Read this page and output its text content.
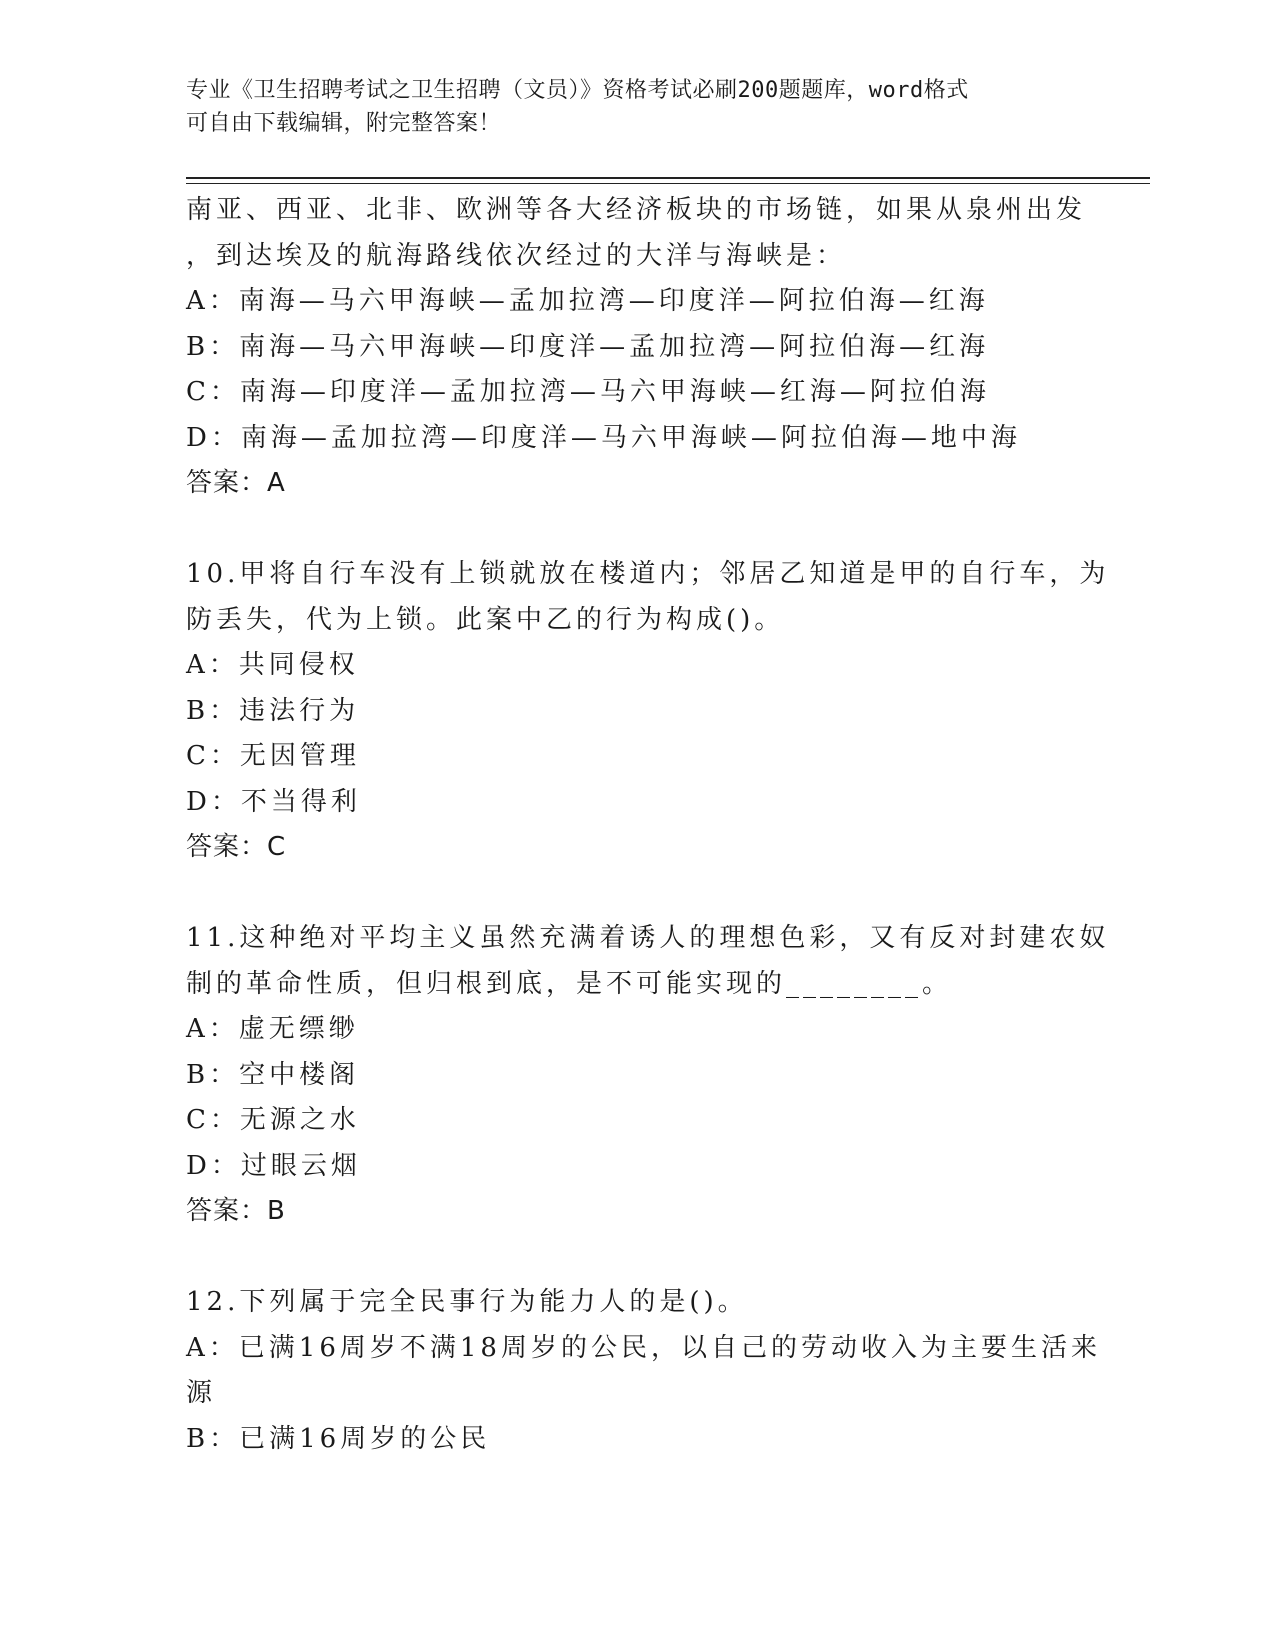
专业《卫生招聘考试之卫生招聘（文员）》资格考试必刷200题题库，word格式
可自由下载编辑，附完整答案！
南亚、西亚、北非、欧洲等各大经济板块的市场链，如果从泉州出发
，到达埃及的航海路线依次经过的大洋与海峡是：
A：南海—马六甲海峡—孟加拉湾—印度洋—阿拉伯海—红海
B：南海—马六甲海峡—印度洋—孟加拉湾—阿拉伯海—红海
C：南海—印度洋—孟加拉湾—马六甲海峡—红海—阿拉伯海
D：南海—孟加拉湾—印度洋—马六甲海峡—阿拉伯海—地中海
答案：A
10.甲将自行车没有上锁就放在楼道内；邻居乙知道是甲的自行车，为
防丢失，代为上锁。此案中乙的行为构成()。
A：共同侵权
B：违法行为
C：无因管理
D：不当得利
答案：C
11.这种绝对平均主义虽然充满着诱人的理想色彩，又有反对封建农奴
制的革命性质，但归根到底，是不可能实现的________。
A：虚无缥缈
B：空中楼阁
C：无源之水
D：过眼云烟
答案：B
12.下列属于完全民事行为能力人的是()。
A：已满16周岁不满18周岁的公民，以自己的劳动收入为主要生活来
源
B：已满16周岁的公民
